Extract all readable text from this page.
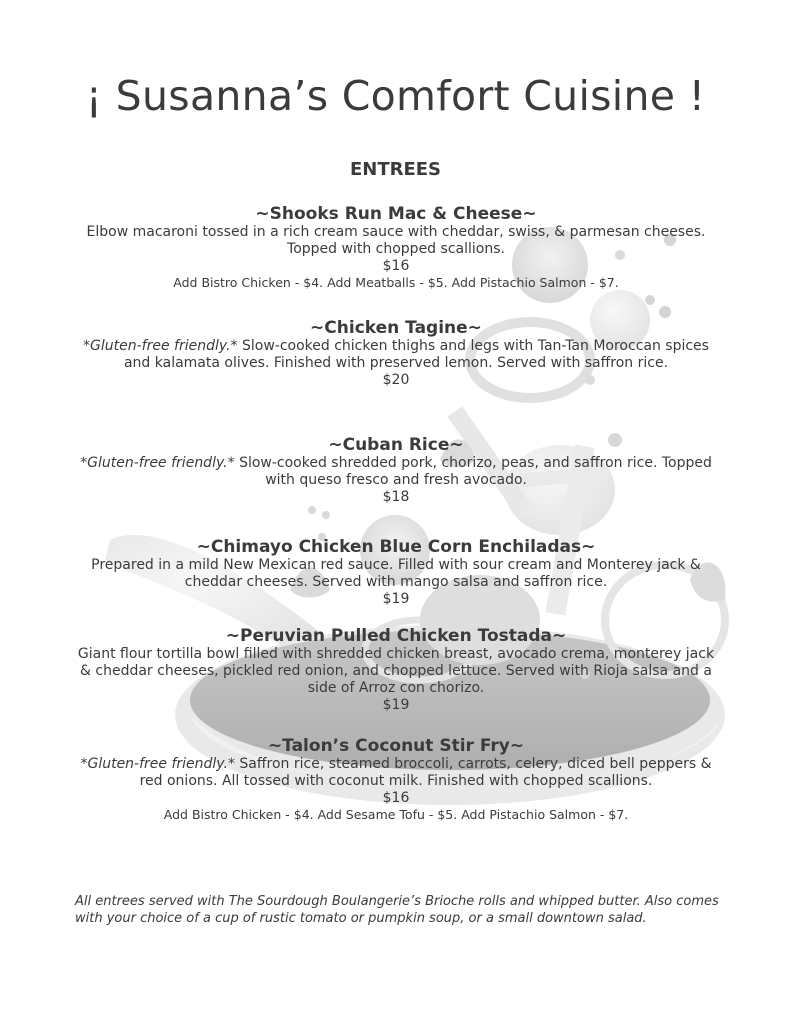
¡ Susanna’s Comfort Cuisine !
ENTREES
~Shooks Run Mac & Cheese~
Elbow macaroni tossed in a rich cream sauce with cheddar, swiss, & parmesan cheeses. Topped with chopped scallions.
$16
Add Bistro Chicken - $4. Add Meatballs - $5. Add Pistachio Salmon - $7.
~Chicken Tagine~
*Gluten-free friendly.* Slow-cooked chicken thighs and legs with Tan-Tan Moroccan spices and kalamata olives. Finished with preserved lemon. Served with saffron rice.
$20
~Cuban Rice~
*Gluten-free friendly.* Slow-cooked shredded pork, chorizo, peas, and saffron rice. Topped with queso fresco and fresh avocado.
$18
~Chimayo Chicken Blue Corn Enchiladas~
Prepared in a mild New Mexican red sauce. Filled with sour cream and Monterey jack & cheddar cheeses. Served with mango salsa and saffron rice.
$19
~Peruvian Pulled Chicken Tostada~
Giant flour tortilla bowl filled with shredded chicken breast, avocado crema, monterey jack & cheddar cheeses, pickled red onion, and chopped lettuce. Served with Rioja salsa and a side of Arroz con chorizo.
$19
~Talon’s Coconut Stir Fry~
*Gluten-free friendly.* Saffron rice, steamed broccoli, carrots, celery, diced bell peppers & red onions. All tossed with coconut milk. Finished with chopped scallions.
$16
Add Bistro Chicken - $4. Add Sesame Tofu - $5. Add Pistachio Salmon - $7.
All entrees served with The Sourdough Boulangerie’s Brioche rolls and whipped butter. Also comes with your choice of a cup of rustic tomato or pumpkin soup, or a small downtown salad.
